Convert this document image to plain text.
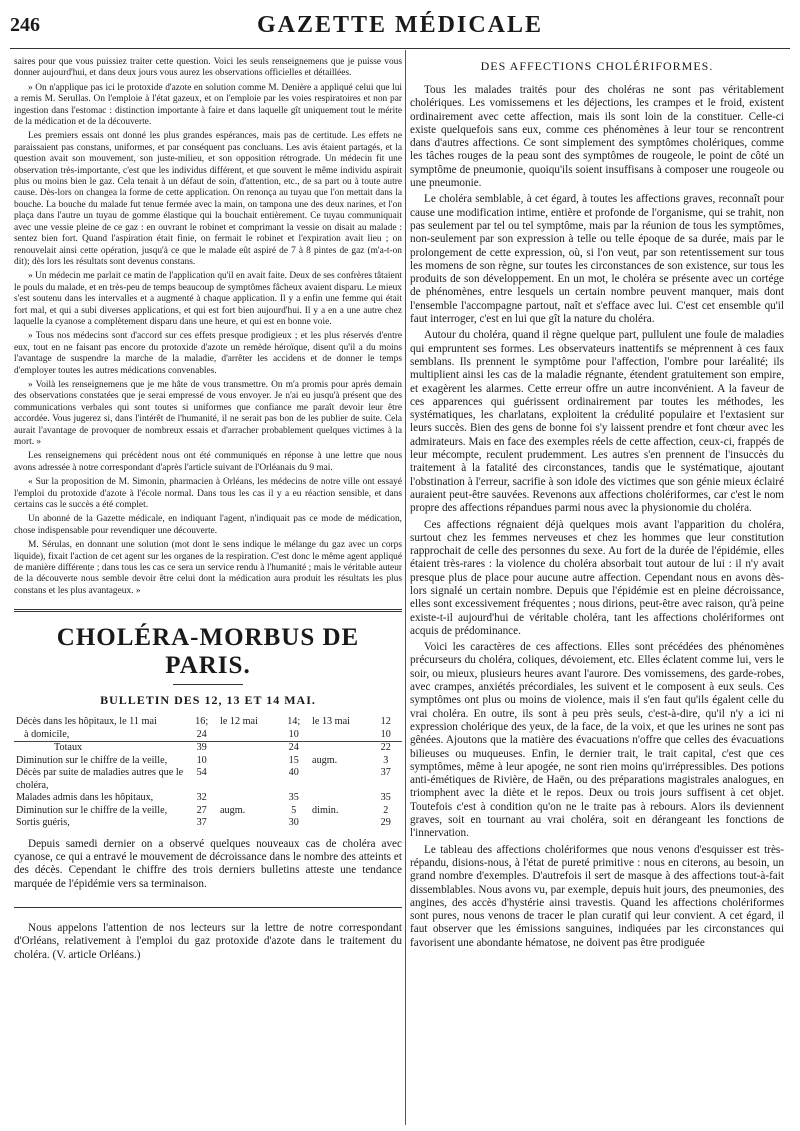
246	GAZETTE MÉDICALE

saires pour que vous puissiez traiter cette question. Voici les seuls renseignemens que je puisse vous donner aujourd'hui, et dans deux jours vous aurez les observations officielles et détaillées.

» On n'applique pas ici le protoxide d'azote en solution comme M. Denière a appliqué celui que lui a remis M. Serullas. On l'emploie à l'état gazeux, et on l'emploie par les voies respiratoires et non par ingestion dans l'estomac : distinction importante à faire et dans laquelle gît uniquement tout le mérite de la médication et de la découverte.

Les premiers essais ont donné les plus grandes espérances, mais pas de certitude. Les effets ne paraissaient pas constans, uniformes, et par conséquent pas concluans. Les avis étaient partagés, et la question avait son mouvement, son juste-milieu, et son opposition rétrograde. Un médecin fit une observation très-importante, c'est que les individus différent, et que souvent le même individu aspirait plus ou moins bien le gaz. Cela tenait à un défaut de soin, d'attention, etc., de sa part ou à toute autre cause. Dès-lors on changea la forme de cette application. On renonça au tuyau que l'on mettait dans la bouche. La bouche du malade fut tenue fermée avec la main, on tampona une des deux narines, et l'on plaça dans l'autre un tuyau de gomme élastique qui la bouchait entièrement. Ce tuyau communiquait avec une vessie pleine de ce gaz : en ouvrant le robinet et comprimant la vessie on disait au malade : sentez bien fort. Quand l'aspiration était finie, on fermait le robinet et l'expiration avait lieu ; on renouvelait ainsi cette opération, jusqu'à ce que le malade eût aspiré de 7 à 8 pintes de gaz (m'a-t-on dit); dès lors les résultats sont devenus constans.

» Un médecin me parlait ce matin de l'application qu'il en avait faite. Deux de ses confrères tâtaient le pouls du malade, et en très-peu de temps beaucoup de symptômes fâcheux avaient disparu. Le mieux s'est soutenu dans les intervalles et a augmenté à chaque application. Il y a enfin une femme qui était fort mal, et qui a subi diverses applications, et qui est fort bien aujourd'hui. Il y a en a une autre chez laquelle la cyanose a complètement disparu dans une heure, et qui est en bonne voie.

» Tous nos médecins sont d'accord sur ces effets presque prodigieux ; et les plus réservés d'entre eux, tout en ne faisant pas encore du protoxide d'azote un remède héroïque, disent qu'il a du moins l'avantage de suspendre la marche de la maladie, d'arrêter les accidens et de donner le temps d'employer toutes les autres médications convenables.

» Voilà les renseignemens que je me hâte de vous transmettre. On m'a promis pour après demain des observations constatées que je serai empressé de vous envoyer. Je n'ai eu jusqu'à présent que des communications verbales qui sont toutes si uniformes que confiance me paraît devoir leur être accordée. Vous jugerez si, dans l'intérêt de l'humanité, il ne serait pas bon de les publier de suite. Cela aurait l'avantage de provoquer de nombreux essais et d'arracher probablement quelques victimes à la mort. »

Les renseignemens qui précèdent nous ont été communiqués en réponse à une lettre que nous avons adressée à notre correspondant d'après l'article suivant de l'Orléanais du 9 mai.

« Sur la proposition de M. Simonin, pharmacien à Orléans, les médecins de notre ville ont essayé l'emploi du protoxide d'azote à l'école normal. Dans tous les cas il y a eu réaction sensible, et dans certains cas le succès a été complet.

Un abonné de la Gazette médicale, en indiquant l'agent, n'indiquait pas ce mode de médication, chose indispensable pour revendiquer une découverte.

M. Sérulas, en donnant une solution (mot dont le sens indique le mélange du gaz avec un corps liquide), fixait l'action de cet agent sur les organes de la respiration. C'est donc le même agent appliqué de manière différente ; dans tous les cas ce sera un service rendu à l'humanité ; mais le véritable auteur de la découverte nous semble devoir être celui dont la médication aura produit les résultats les plus constans et les plus avantageux. »

CHOLÉRA-MORBUS DE PARIS.
BULLETIN DES 12, 13 ET 14 MAI.
Décès dans les hôpitaux, le 11 mai	16;	le 12 mai	14;	le 13 mai	12
à domicile,	24		10		10
Totaux	39		24		22
Diminution sur le chiffre de la veille,	10		15	augm.	3
Décès par suite de maladies autres que le choléra,	54		40		37
Malades admis dans les hôpitaux,	32		35		35
Diminution sur le chiffre de la veille,	27	augm.	5	dimin.	2
Sortis guéris,	37		30		29

Depuis samedi dernier on a observé quelques nouveaux cas de choléra avec cyanose, ce qui a entravé le mouvement de décroissance dans le nombre des atteints et des décès. Cependant le chiffre des trois derniers bulletins atteste une tendance marquée de l'épidémie vers sa terminaison.

Nous appelons l'attention de nos lecteurs sur la lettre de notre correspondant d'Orléans, relativement à l'emploi du gaz protoxide d'azote dans le traitement du choléra. (V. article Orléans.)

DES AFFECTIONS CHOLÉRIFORMES.

Tous les malades traités pour des choléras ne sont pas véritablement cholériques. Les vomissemens et les déjections, les crampes et le froid, existent ordinairement avec cette affection, mais ils sont loin de la constituer. Celle-ci existe quelquefois sans eux, comme ces phénomènes à leur tour se rencontrent dans d'autres affections. Ce sont simplement des symptômes cholériques, comme les tâches rouges de la peau sont des symptômes de rougeole, le point de côté un symptôme de pneumonie, quoiqu'ils soient insuffisans à composer une rougeole ou une pneumonie.

Le choléra semblable, à cet égard, à toutes les affections graves, reconnaît pour cause une modification intime, entière et profonde de l'organisme, qui se trahit, non pas seulement par tel ou tel symptôme, mais par la réunion de tous les symptômes, non-seulement par son expression à telle ou telle époque de sa durée, mais par le prolongement de cette expression, où, si l'on veut, par son retentissement sur tous les momens de son règne, sur toutes les circonstances de son existence, sur tous les produits de son développement. En un mot, le choléra se présente avec un cortége de phénomènes, entre lesquels un certain nombre peuvent manquer, mais dont l'ensemble l'accompagne partout, naît et s'efface avec lui. C'est cet ensemble qu'il faut interroger, c'est en lui que gît la nature du choléra.

Autour du choléra, quand il règne quelque part, pullulent une foule de maladies qui empruntent ses formes. Les observateurs inattentifs se méprennent à ces faux semblans. Ils prennent le symptôme pour l'affection, l'ombre pour laréalité; ils multiplient ainsi les cas de la maladie régnante, étendent gratuitement son empire, et exagèrent les alarmes. Cette erreur offre un autre inconvénient. A la faveur de ces apparences qui guérissent ordinairement par toutes les méthodes, les systématiques, les charlatans, exploitent la crédulité populaire et l'extasient sur leurs succès. Bien des gens de bonne foi s'y laissent prendre et font chœur avec les admirateurs. Mais en face des exemples réels de cette affection, ceux-ci, frappés de leur mécompte, reculent prudemment. Les autres s'en prennent de l'insuccès du traitement à la fatalité des circonstances, tandis que le systématique, ajoutant l'obstination à l'erreur, sacrifie à son idole des victimes que son génie mieux éclairé auraient peut-être sauvées. Revenons aux affections cholériformes, car c'est le nom propre des affections répandues parmi nous avec la physionomie du choléra.

Ces affections régnaient déjà quelques mois avant l'apparition du choléra, surtout chez les femmes nerveuses et chez les hommes que leur constitution rapprochait de celle des personnes du sexe. Au fort de la durée de l'épidémie, elles étaient très-rares : la violence du choléra absorbait tout autour de lui : il n'y avait presque plus de place pour aucune autre affection. Cependant nous en avons dès-lors signalé un certain nombre. Depuis que l'épidémie est en pleine décroissance, elles sont excessivement fréquentes ; nous dirions, peut-être avec raison, qu'à peine existe-t-il aujourd'hui de véritable choléra, tant les affections cholériformes ont acquis de prédominance.

Voici les caractères de ces affections. Elles sont précédées des phénomènes précurseurs du choléra, coliques, dévoiement, etc. Elles éclatent comme lui, vers le soir, ou mieux, plusieurs heures avant l'aurore. Des vomissemens, des garde-robes, avec crampes, anxiétés précordiales, les suivent et le composent à eux seuls. Ces symptômes ont plus ou moins de violence, mais il s'en faut qu'ils égalent celle du vrai choléra. En outre, ils sont à peu près seuls, c'est-à-dire, qu'il n'y a ici ni expression cholérique des yeux, de la face, de la voix, et que les urines ne sont pas gênées. Ajoutons que la matière des évacuations n'offre que celles des évacuations bilieuses ou muqueuses. Enfin, le dernier trait, le trait capital, c'est que ces symptômes, même à leur apogée, ne sont rien moins qu'irrépressibles. Des potions anti-émétiques de Rivière, de Haën, ou des préparations magistrales analogues, en triomphent avec la diète et le repos. Deux ou trois jours suffisent à cet objet. Toutefois c'est à condition qu'on ne le traite pas à rebours. Alors ils deviennent graves, soit en tournant au vrai choléra, soit en dérangeant les fonctions de l'innervation.

Le tableau des affections cholériformes que nous venons d'esquisser est très-répandu, disions-nous, à l'état de pureté primitive : nous en citerons, au besoin, un grand nombre d'exemples. D'autrefois il sert de masque à des affections tout-à-fait dissemblables. Nous avons vu, par exemple, depuis huit jours, des pneumonies, des angines, des accès d'hystérie ainsi travestis. Quand les affections cholériformes sont pures, nous venons de tracer le plan curatif qui leur convient. A cet égard, il faut observer que les émissions sanguines, indiquées par les circonstances qui favorisent une abondante hématose, ne doivent pas être prodiguée
